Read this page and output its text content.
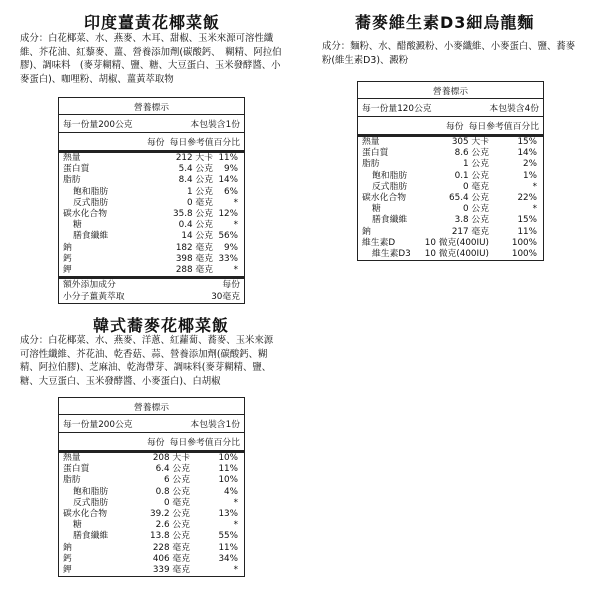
印度薑黃花椰菜飯
成分：白花椰菜、水、燕麥、木耳、甜椒、玉米來源可溶性纖維、芥花油、紅藜麥、薑、營養添加劑(碳酸鈣、　糊精、阿拉伯膠)、調味料　(麥芽糊精、鹽、糖、大豆蛋白、玉米發酵醬、小麥蛋白)、咖哩粉、胡椒、薑黃萃取物
營養標示
每一份量200公克	本包裝含1份
每份 每日參考值百分比
熱量	212 大卡 11%
蛋白質	5.4 公克 9%
脂肪	8.4 公克 14%
飽和脂肪	1 公克 6%
反式脂肪	0 毫克 *
碳水化合物	35.8 公克 12%
糖	0.4 公克 *
膳食纖維	14 公克 56%
鈉	182 毫克 9%
鈣	398 毫克 33%
鉀	288 毫克 *
額外添加成分	每份
小分子薑黃萃取	30毫克
蕎麥維生素D3細烏龍麵
成分：麵粉、水、醋酸澱粉、小麥纖維、小麥蛋白、鹽、蕎麥粉(維生素D3)、澱粉
營養標示
每一份量120公克	本包裝含4份
每份 每日參考值百分比
熱量	305 大卡	15%
蛋白質	8.6 公克	14%
脂肪	1 公克	2%
飽和脂肪	0.1 公克	1%
反式脂肪	0 毫克	*
碳水化合物	65.4 公克	22%
糖	0 公克	*
膳食纖維	3.8 公克	15%
鈉	217 毫克	11%
維生素D	10 微克(400IU)	100%
維生素D3 10 微克(400IU)	100%
韓式蕎麥花椰菜飯
成分：白花椰菜、水、燕麥、洋蔥、紅蘿蔔、蕎麥、玉米來源可溶性纖維、芥花油、乾香菇、蒜、營養添加劑(碳酸鈣、糊精、阿拉伯膠)、芝麻油、乾海帶芽、調味料(麥芽糊精、鹽、糖、大豆蛋白、玉米發酵醬、小麥蛋白)、白胡椒
營養標示
每一份量200公克	本包裝含1份
每份 每日參考值百分比
熱量	208 大卡	10%
蛋白質	6.4 公克	11%
脂肪	6 公克	10%
飽和脂肪	0.8 公克	4%
反式脂肪	0 毫克	*
碳水化合物	39.2 公克	13%
糖	2.6 公克	*
膳食纖維	13.8 公克	55%
鈉	228 毫克	11%
鈣	406 毫克	34%
鉀	339 毫克	*
